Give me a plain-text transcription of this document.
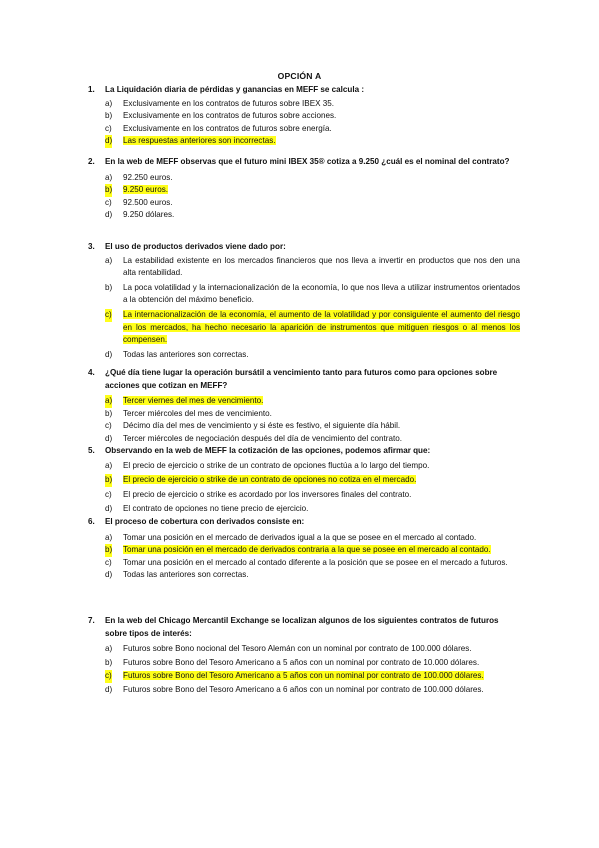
OPCIÓN A
1. La Liquidación diaria de pérdidas y ganancias en MEFF se calcula :
a) Exclusivamente en los contratos de futuros sobre IBEX 35.
b) Exclusivamente en los contratos de futuros sobre acciones.
c) Exclusivamente en los contratos de futuros sobre energía.
d) Las respuestas anteriores son incorrectas.
2. En la web de MEFF observas que el futuro mini IBEX 35® cotiza a 9.250 ¿cuál es el nominal del contrato?
a) 92.250 euros.
b) 9.250 euros.
c) 92.500 euros.
d) 9.250 dólares.
3. El uso de productos derivados viene dado por:
a) La estabilidad existente en los mercados financieros que nos lleva a invertir en productos que nos den una alta rentabilidad.
b) La poca volatilidad y la internacionalización de la economía, lo que nos lleva a utilizar instrumentos orientados a la obtención del máximo beneficio.
c) La internacionalización de la economía, el aumento de la volatilidad y por consiguiente el aumento del riesgo en los mercados, ha hecho necesario la aparición de instrumentos que mitiguen riesgos o al menos los compensen.
d) Todas las anteriores son correctas.
4. ¿Qué día tiene lugar la operación bursátil a vencimiento tanto para futuros como para opciones sobre acciones que cotizan en MEFF?
a) Tercer viernes del mes de vencimiento.
b) Tercer miércoles del mes de vencimiento.
c) Décimo día del mes de vencimiento y si éste es festivo, el siguiente día hábil.
d) Tercer miércoles de negociación después del día de vencimiento del contrato.
5. Observando en la web de MEFF la cotización de las opciones, podemos afirmar que:
a) El precio de ejercicio o strike de un contrato de opciones fluctúa a lo largo del tiempo.
b) El precio de ejercicio o strike de un contrato de opciones no cotiza en el mercado.
c) El precio de ejercicio o strike es acordado por los inversores finales del contrato.
d) El contrato de opciones no tiene precio de ejercicio.
6. El proceso de cobertura con derivados consiste en:
a) Tomar una posición en el mercado de derivados igual a la que se posee en el mercado al contado.
b) Tomar una posición en el mercado de derivados contraria a la que se posee en el mercado al contado.
c) Tomar una posición en el mercado al contado diferente a la posición que se posee en el mercado a futuros.
d) Todas las anteriores son correctas.
7. En la web del Chicago Mercantil Exchange se localizan algunos de los siguientes contratos de futuros sobre tipos de interés:
a) Futuros sobre Bono nocional del Tesoro Alemán con un nominal por contrato de 100.000 dólares.
b) Futuros sobre Bono del Tesoro Americano a 5 años con un nominal por contrato de 10.000 dólares.
c) Futuros sobre Bono del Tesoro Americano a 5 años con un nominal por contrato de 100.000 dólares.
d) Futuros sobre Bono del Tesoro Americano a 6 años con un nominal por contrato de 100.000 dólares.
